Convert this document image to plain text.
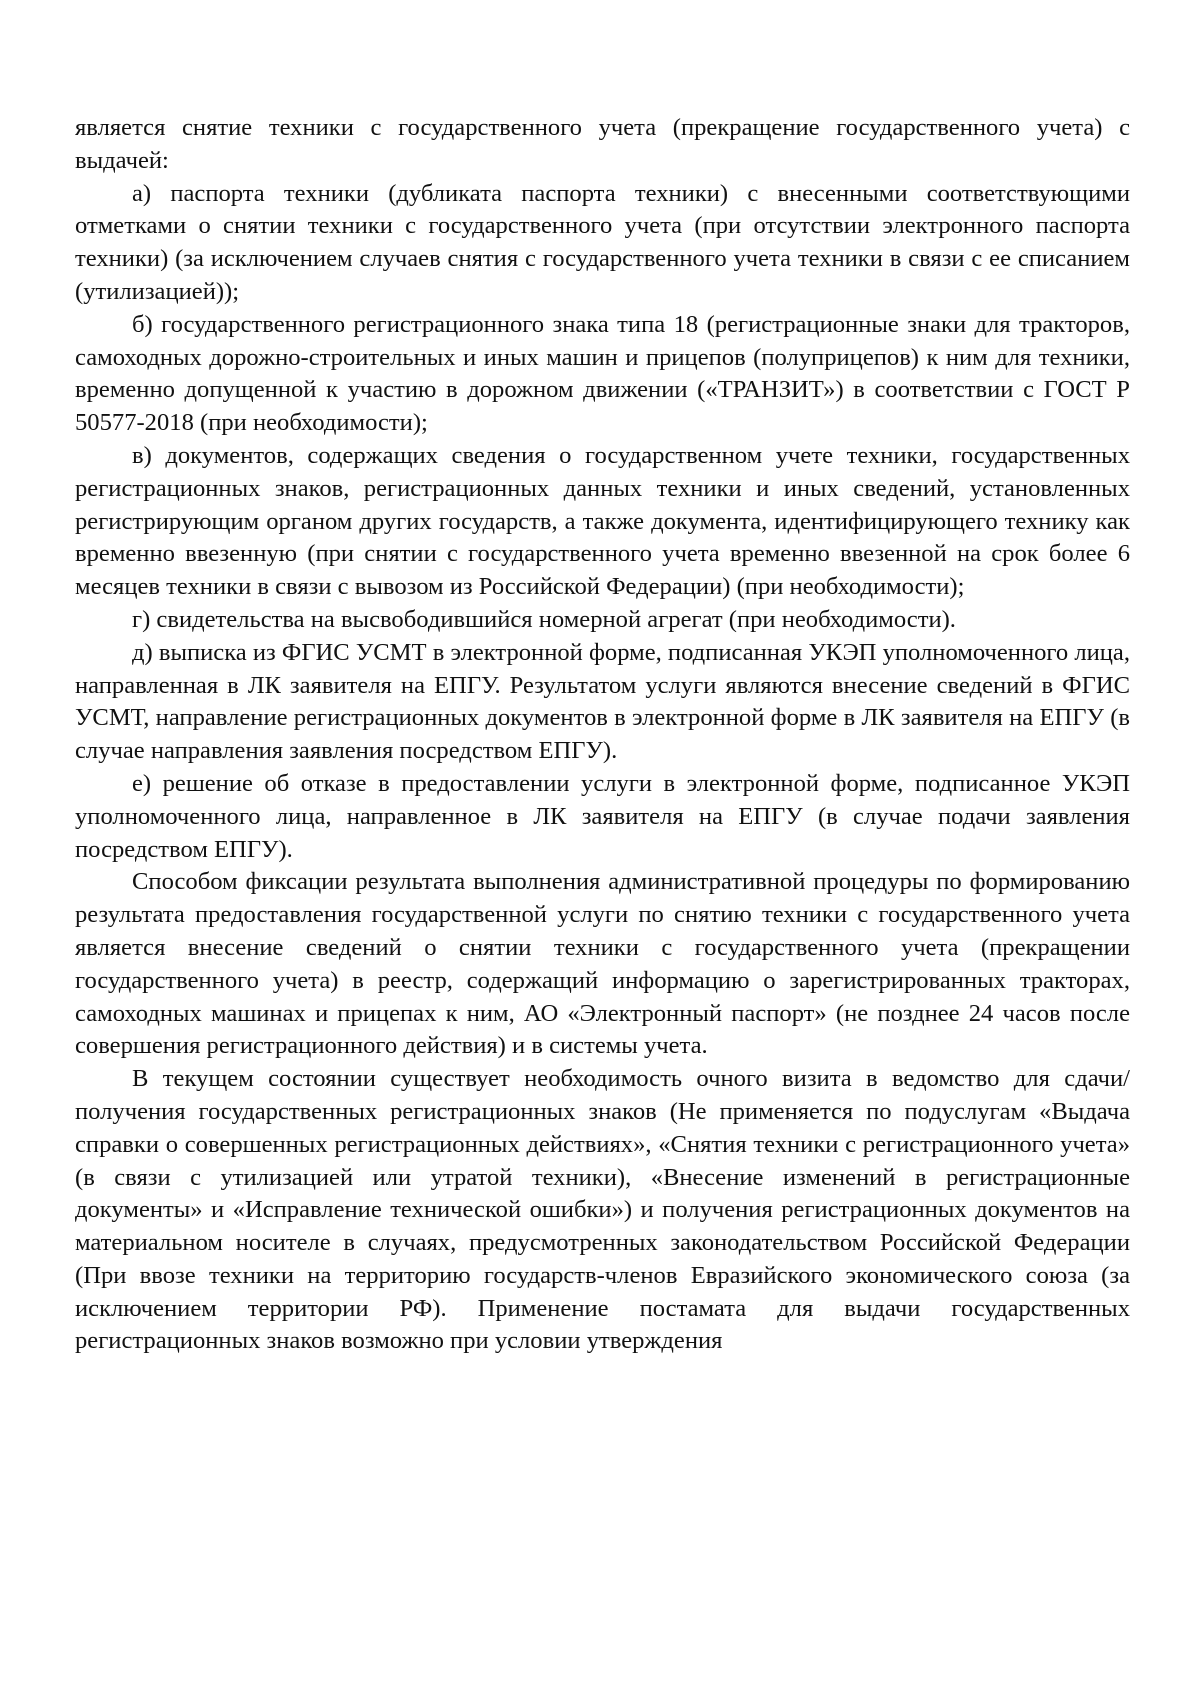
является снятие техники с государственного учета (прекращение государственного учета) с выдачей:

а) паспорта техники (дубликата паспорта техники) с внесенными соответствующими отметками о снятии техники с государственного учета (при отсутствии электронного паспорта техники) (за исключением случаев снятия с государственного учета техники в связи с ее списанием (утилизацией));

б) государственного регистрационного знака типа 18 (регистрационные знаки для тракторов, самоходных дорожно-строительных и иных машин и прицепов (полуприцепов) к ним для техники, временно допущенной к участию в дорожном движении («ТРАНЗИТ») в соответствии с ГОСТ Р 50577-2018 (при необходимости);

в) документов, содержащих сведения о государственном учете техники, государственных регистрационных знаков, регистрационных данных техники и иных сведений, установленных регистрирующим органом других государств, а также документа, идентифицирующего технику как временно ввезенную (при снятии с государственного учета временно ввезенной на срок более 6 месяцев техники в связи с вывозом из Российской Федерации) (при необходимости);

г) свидетельства на высвободившийся номерной агрегат (при необходимости).

д) выписка из ФГИС УСМТ в электронной форме, подписанная УКЭП уполномоченного лица, направленная в ЛК заявителя на ЕПГУ. Результатом услуги являются внесение сведений в ФГИС УСМТ, направление регистрационных документов в электронной форме в ЛК заявителя на ЕПГУ (в случае направления заявления посредством ЕПГУ).

е) решение об отказе в предоставлении услуги в электронной форме, подписанное УКЭП уполномоченного лица, направленное в ЛК заявителя на ЕПГУ (в случае подачи заявления посредством ЕПГУ).

Способом фиксации результата выполнения административной процедуры по формированию результата предоставления государственной услуги по снятию техники с государственного учета является внесение сведений о снятии техники с государственного учета (прекращении государственного учета) в реестр, содержащий информацию о зарегистрированных тракторах, самоходных машинах и прицепах к ним, АО «Электронный паспорт» (не позднее 24 часов после совершения регистрационного действия) и в системы учета.

В текущем состоянии существует необходимость очного визита в ведомство для сдачи/получения государственных регистрационных знаков (Не применяется по подуслугам «Выдача справки о совершенных регистрационных действиях», «Снятия техники с регистрационного учета» (в связи с утилизацией или утратой техники), «Внесение изменений в регистрационные документы» и «Исправление технической ошибки») и получения регистрационных документов на материальном носителе в случаях, предусмотренных законодательством Российской Федерации (При ввозе техники на территорию государств-членов Евразийского экономического союза (за исключением территории РФ). Применение постамата для выдачи государственных регистрационных знаков возможно при условии утверждения
